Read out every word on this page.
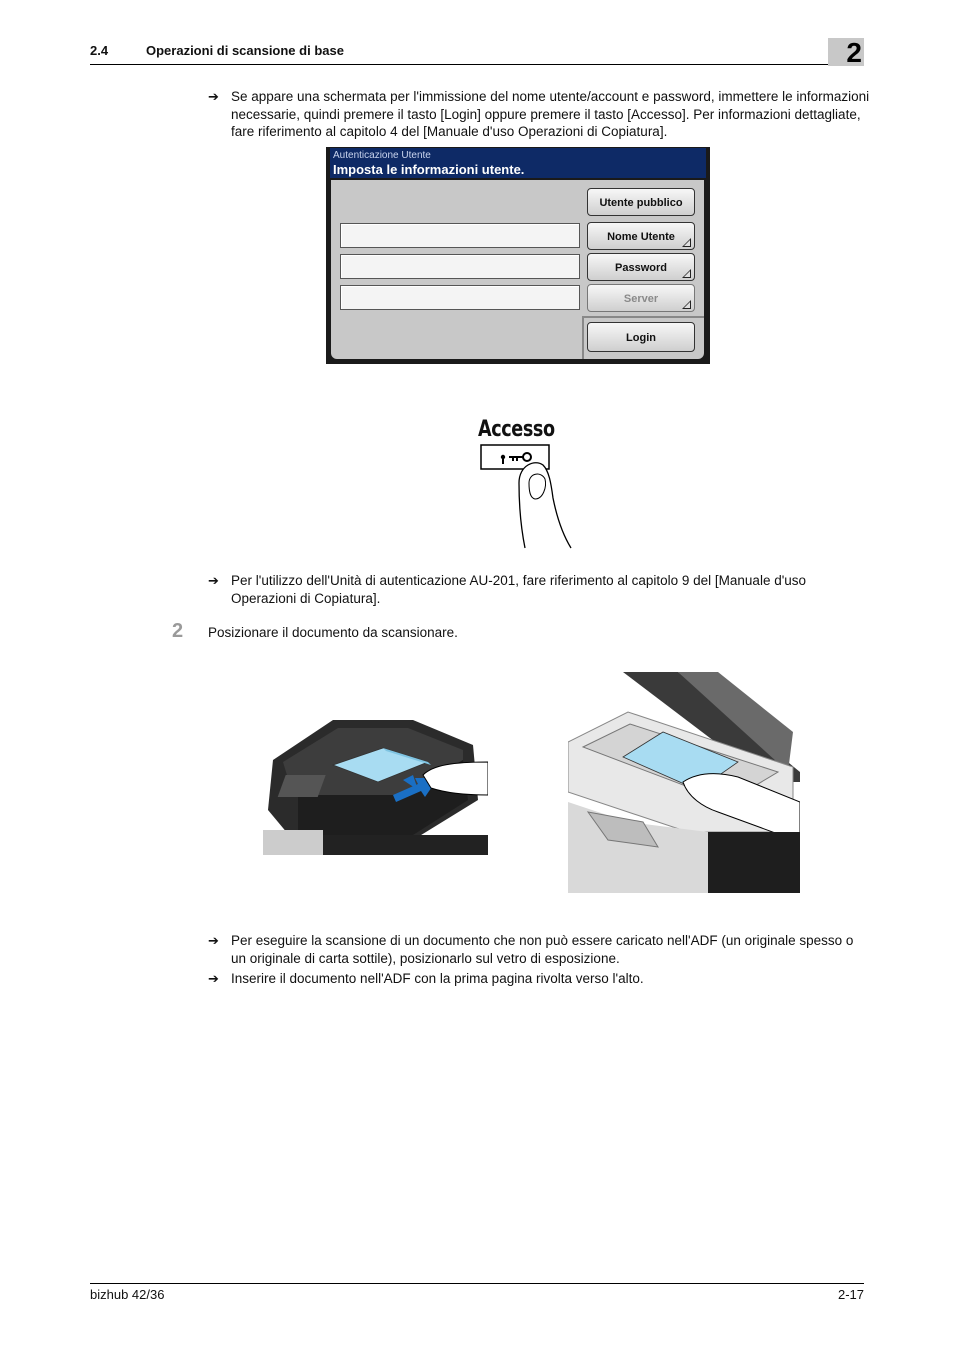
2.4	Operazioni di scansione di base	2
➔ Se appare una schermata per l'immissione del nome utente/account e password, immettere le informazioni necessarie, quindi premere il tasto [Login] oppure premere il tasto [Accesso]. Per informazioni dettagliate, fare riferimento al capitolo 4 del [Manuale d'uso Operazioni di Copiatura].
Autenticazione Utente
Imposta le informazioni utente.
Utente pubblico
Nome Utente
Password
Server
Login
Accesso
➔ Per l'utilizzo dell'Unità di autenticazione AU-201, fare riferimento al capitolo 9 del [Manuale d'uso Operazioni di Copiatura].
2 Posizionare il documento da scansionare.
➔ Per eseguire la scansione di un documento che non può essere caricato nell'ADF (un originale spesso o un originale di carta sottile), posizionarlo sul vetro di esposizione.
➔ Inserire il documento nell'ADF con la prima pagina rivolta verso l'alto.
bizhub 42/36	2-17
